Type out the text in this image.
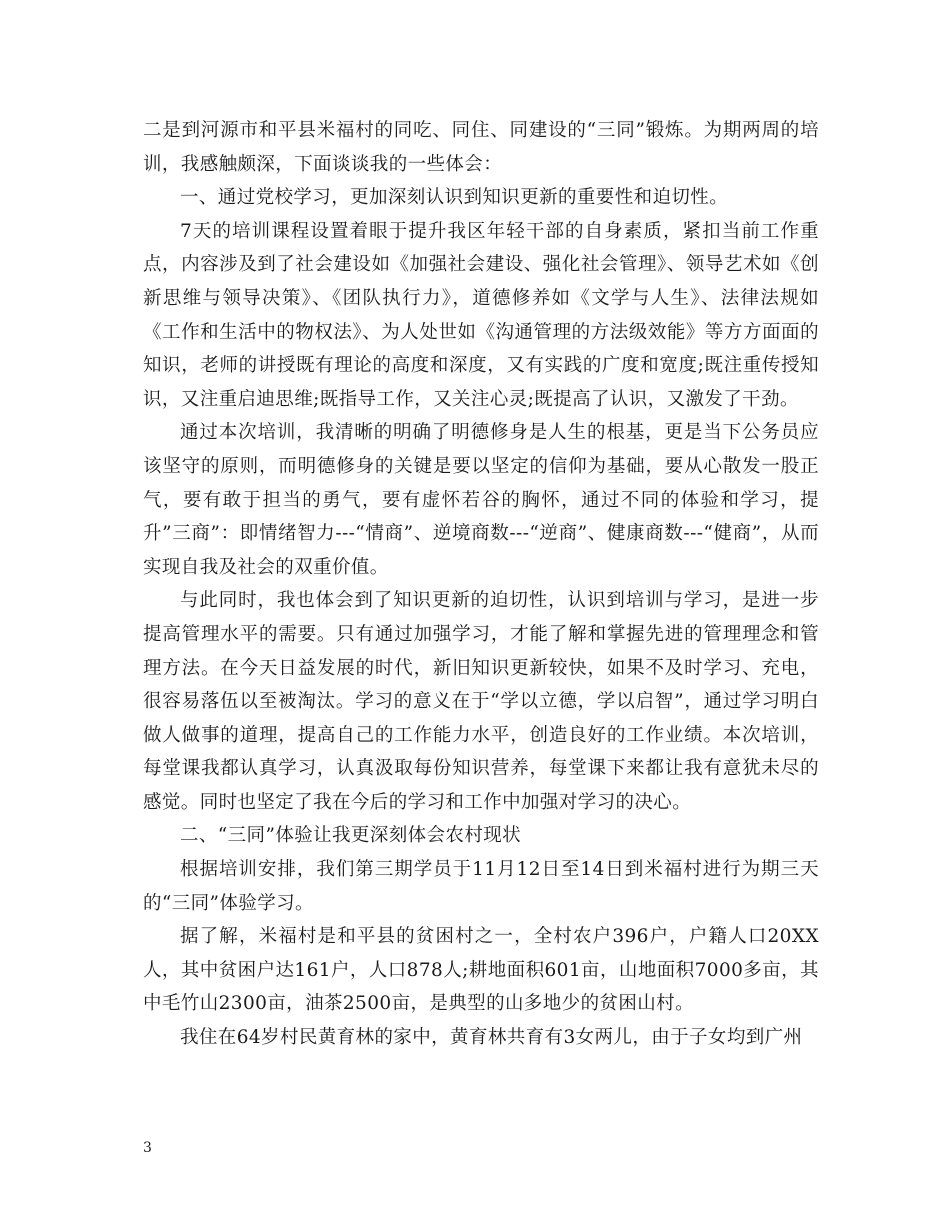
二是到河源市和平县米福村的同吃、同住、同建设的“三同”锻炼。为期两周的培训，我感触颇深，下面谈谈我的一些体会：

一、通过党校学习，更加深刻认识到知识更新的重要性和迫切性。

7天的培训课程设置着眼于提升我区年轻干部的自身素质，紧扣当前工作重点，内容涉及到了社会建设如《加强社会建设、强化社会管理》、领导艺术如《创新思维与领导决策》、《团队执行力》，道德修养如《文学与人生》、法律法规如《工作和生活中的物权法》、为人处世如《沟通管理的方法级效能》等方方面面的知识，老师的讲授既有理论的高度和深度，又有实践的广度和宽度;既注重传授知识，又注重启迪思维;既指导工作，又关注心灵;既提高了认识，又激发了干劲。

通过本次培训，我清晰的明确了明德修身是人生的根基，更是当下公务员应该坚守的原则，而明德修身的关键是要以坚定的信仰为基础，要从心散发一股正气，要有敢于担当的勇气，要有虚怀若谷的胸怀，通过不同的体验和学习，提升”三商”：即情绪智力---“情商”、逆境商数---“逆商”、健康商数---“健商”，从而实现自我及社会的双重价值。

与此同时，我也体会到了知识更新的迫切性，认识到培训与学习，是进一步提高管理水平的需要。只有通过加强学习，才能了解和掌握先进的管理理念和管理方法。在今天日益发展的时代，新旧知识更新较快，如果不及时学习、充电，很容易落伍以至被淘汰。学习的意义在于“学以立德，学以启智”，通过学习明白做人做事的道理，提高自己的工作能力水平，创造良好的工作业绩。本次培训，每堂课我都认真学习，认真汲取每份知识营养，每堂课下来都让我有意犹未尽的感觉。同时也坚定了我在今后的学习和工作中加强对学习的决心。

二、“三同”体验让我更深刻体会农村现状

根据培训安排，我们第三期学员于11月12日至14日到米福村进行为期三天的“三同”体验学习。

据了解，米福村是和平县的贫困村之一，全村农户396户，户籍人口20XX人，其中贫困户达161户，人口878人;耕地面积601亩，山地面积7000多亩，其中毛竹山2300亩，油茶2500亩，是典型的山多地少的贫困山村。

我住在64岁村民黄育林的家中，黄育林共育有3女两儿，由于子女均到广州

3
